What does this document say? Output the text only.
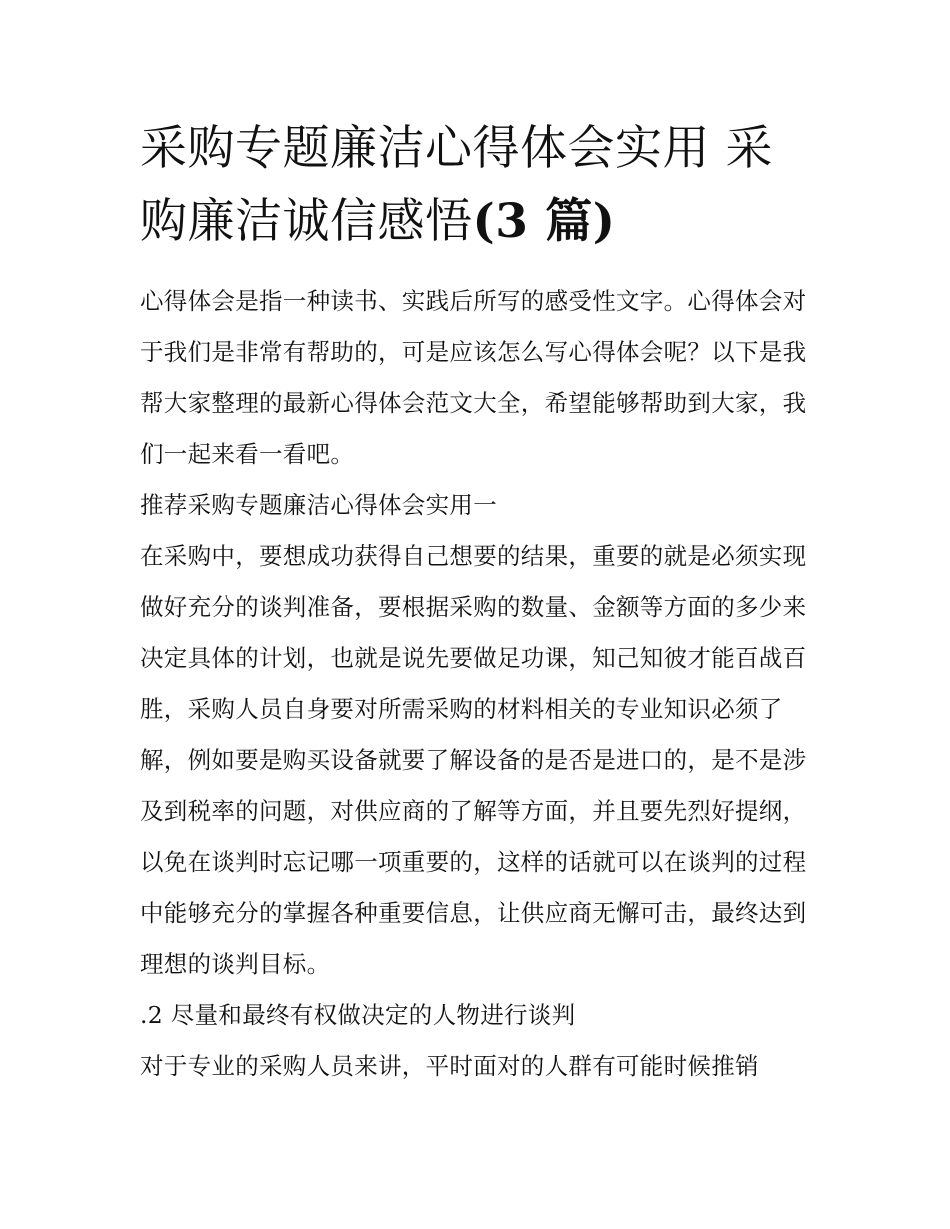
采购专题廉洁心得体会实用 采购廉洁诚信感悟(3 篇)

心得体会是指一种读书、实践后所写的感受性文字。心得体会对于我们是非常有帮助的，可是应该怎么写心得体会呢？以下是我帮大家整理的最新心得体会范文大全，希望能够帮助到大家，我们一起来看一看吧。

推荐采购专题廉洁心得体会实用一

在采购中，要想成功获得自己想要的结果，重要的就是必须实现做好充分的谈判准备，要根据采购的数量、金额等方面的多少来决定具体的计划，也就是说先要做足功课，知己知彼才能百战百胜，采购人员自身要对所需采购的材料相关的专业知识必须了解，例如要是购买设备就要了解设备的是否是进口的，是不是涉及到税率的问题，对供应商的了解等方面，并且要先烈好提纲，以免在谈判时忘记哪一项重要的，这样的话就可以在谈判的过程中能够充分的掌握各种重要信息，让供应商无懈可击，最终达到理想的谈判目标。

.2 尽量和最终有权做决定的人物进行谈判

对于专业的采购人员来讲，平时面对的人群有可能时候推销
